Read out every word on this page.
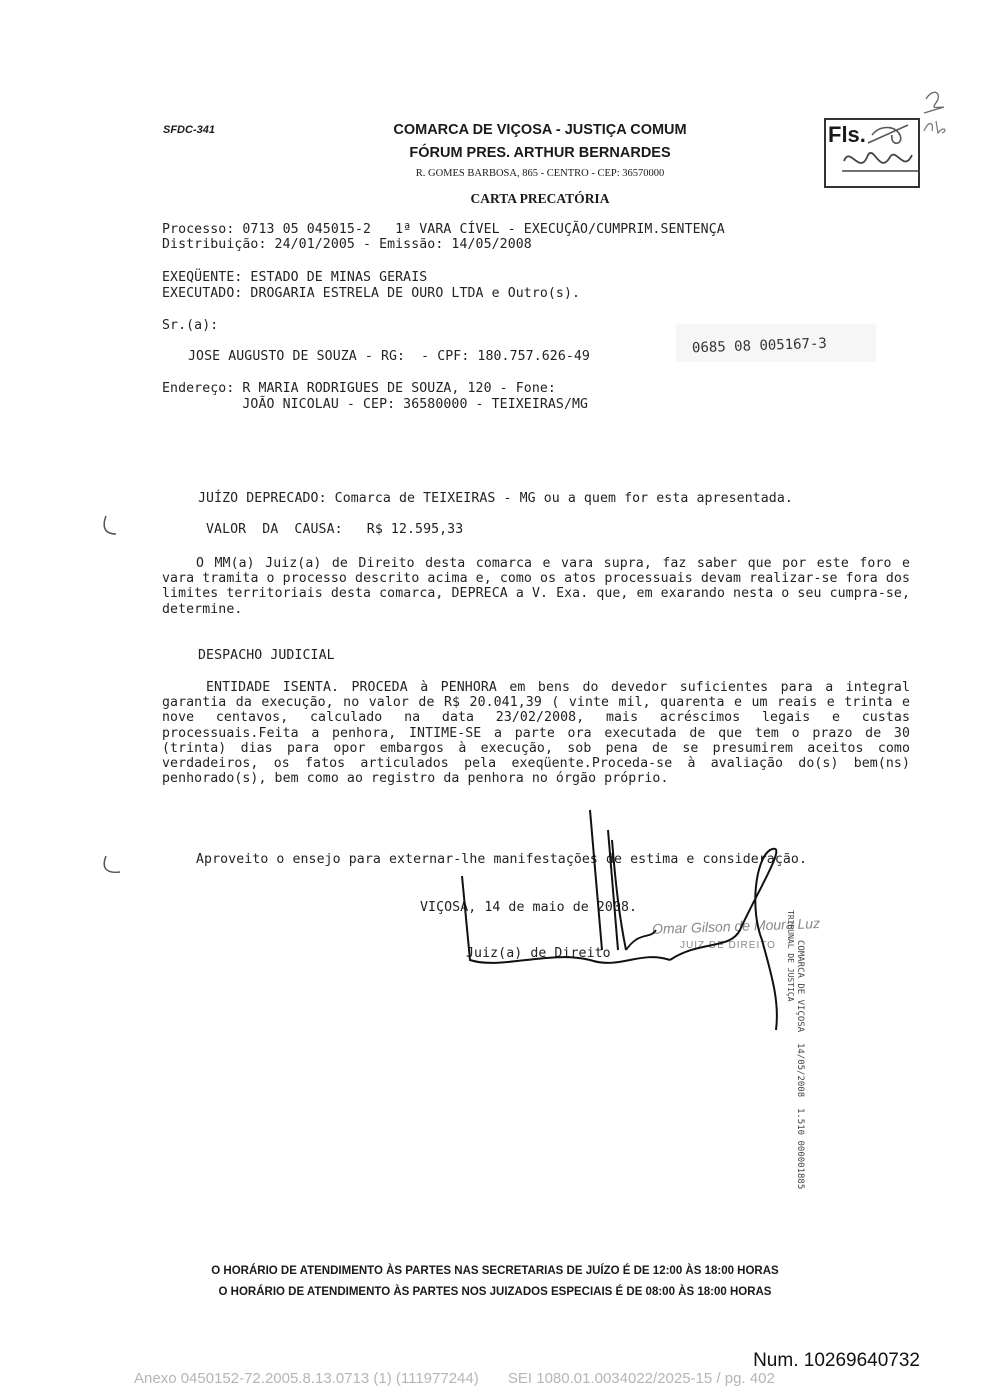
SFDC-341	COMARCA DE VIÇOSA - JUSTIÇA COMUM
FÓRUM PRES. ARTHUR BERNARDES
R. GOMES BARBOSA, 865 - CENTRO - CEP: 36570000
CARTA PRECATÓRIA
Fls.
Processo: 0713 05 045015-2   1ª VARA CÍVEL - EXECUÇÃO/CUMPRIM.SENTENÇA
Distribuição: 24/01/2005 - Emissão: 14/05/2008
EXEQÜENTE: ESTADO DE MINAS GERAIS
EXECUTADO: DROGARIA ESTRELA DE OURO LTDA e Outro(s).
Sr.(a):
JOSE AUGUSTO DE SOUZA - RG:  - CPF: 180.757.626-49
0685 08 005167-3
Endereço: R MARIA RODRIGUES DE SOUZA, 120 - Fone:
JOÃO NICOLAU - CEP: 36580000 - TEIXEIRAS/MG
JUÍZO DEPRECADO: Comarca de TEIXEIRAS - MG ou a quem for esta apresentada.
VALOR  DA  CAUSA:   R$ 12.595,33
O MM(a) Juiz(a) de Direito desta comarca e vara supra, faz saber que por este foro e vara tramita o processo descrito acima e, como os atos processuais devam realizar-se fora dos limites territoriais desta comarca, DEPRECA a V. Exa. que, em exarando nesta o seu cumpra-se, determine.
DESPACHO JUDICIAL
ENTIDADE ISENTA. PROCEDA à PENHORA em bens do devedor suficientes para a integral garantia da execução, no valor de R$ 20.041,39 ( vinte mil, quarenta e um reais e trinta e nove centavos, calculado na data 23/02/2008, mais acréscimos legais e custas processuais.Feita a penhora, INTIME-SE a parte ora executada de que tem o prazo de 30 (trinta) dias para opor embargos à execução, sob pena de se presumirem aceitos como verdadeiros, os fatos articulados pela exeqüente.Proceda-se à avaliação do(s) bem(ns) penhorado(s), bem como ao registro da penhora no órgão próprio.
Aproveito o ensejo para externar-lhe manifestações de estima e consideração.
VIÇOSA, 14 de maio de 2008.
Juiz(a) de Direito
Omar Gilson de Moura Luz
JUIZ DE DIREITO TRIBUNAL DE JUSTIÇA COMARCA DE VIÇOSA  14/05/2008  1.510 000001885
O HORÁRIO DE ATENDIMENTO ÀS PARTES NAS SECRETARIAS DE JUÍZO É DE 12:00 ÀS 18:00 HORAS

O HORÁRIO DE ATENDIMENTO ÀS PARTES NOS JUIZADOS ESPECIAIS É DE 08:00 ÀS 18:00 HORAS

Num. 10269640732
Anexo 0450152-72.2005.8.13.0713 (1) (111977244)       SEI 1080.01.0034022/2025-15 / pg. 402
